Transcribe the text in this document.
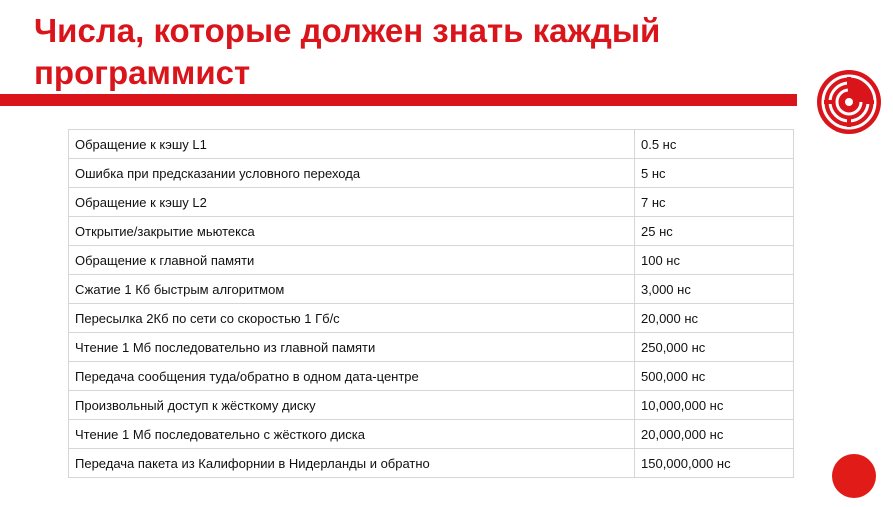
Числа, которые должен знать каждый программист
Обращение к кэшу L1	0.5 нс
Ошибка при предсказании условного перехода	5 нс
Обращение к кэшу L2	7 нс
Открытие/закрытие мьютекса	25 нс
Обращение к главной памяти	100 нс
Сжатие 1 Кб быстрым алгоритмом	3,000 нс
Пересылка 2Кб по сети со скоростью 1 Гб/с	20,000 нс
Чтение 1 Мб последовательно из главной памяти	250,000 нс
Передача сообщения туда/обратно в одном дата-центре	500,000 нс
Произвольный доступ к жёсткому диску	10,000,000 нс
Чтение 1 Мб последовательно с жёсткого диска	20,000,000 нс
Передача пакета из Калифорнии в Нидерланды и обратно	150,000,000 нс
